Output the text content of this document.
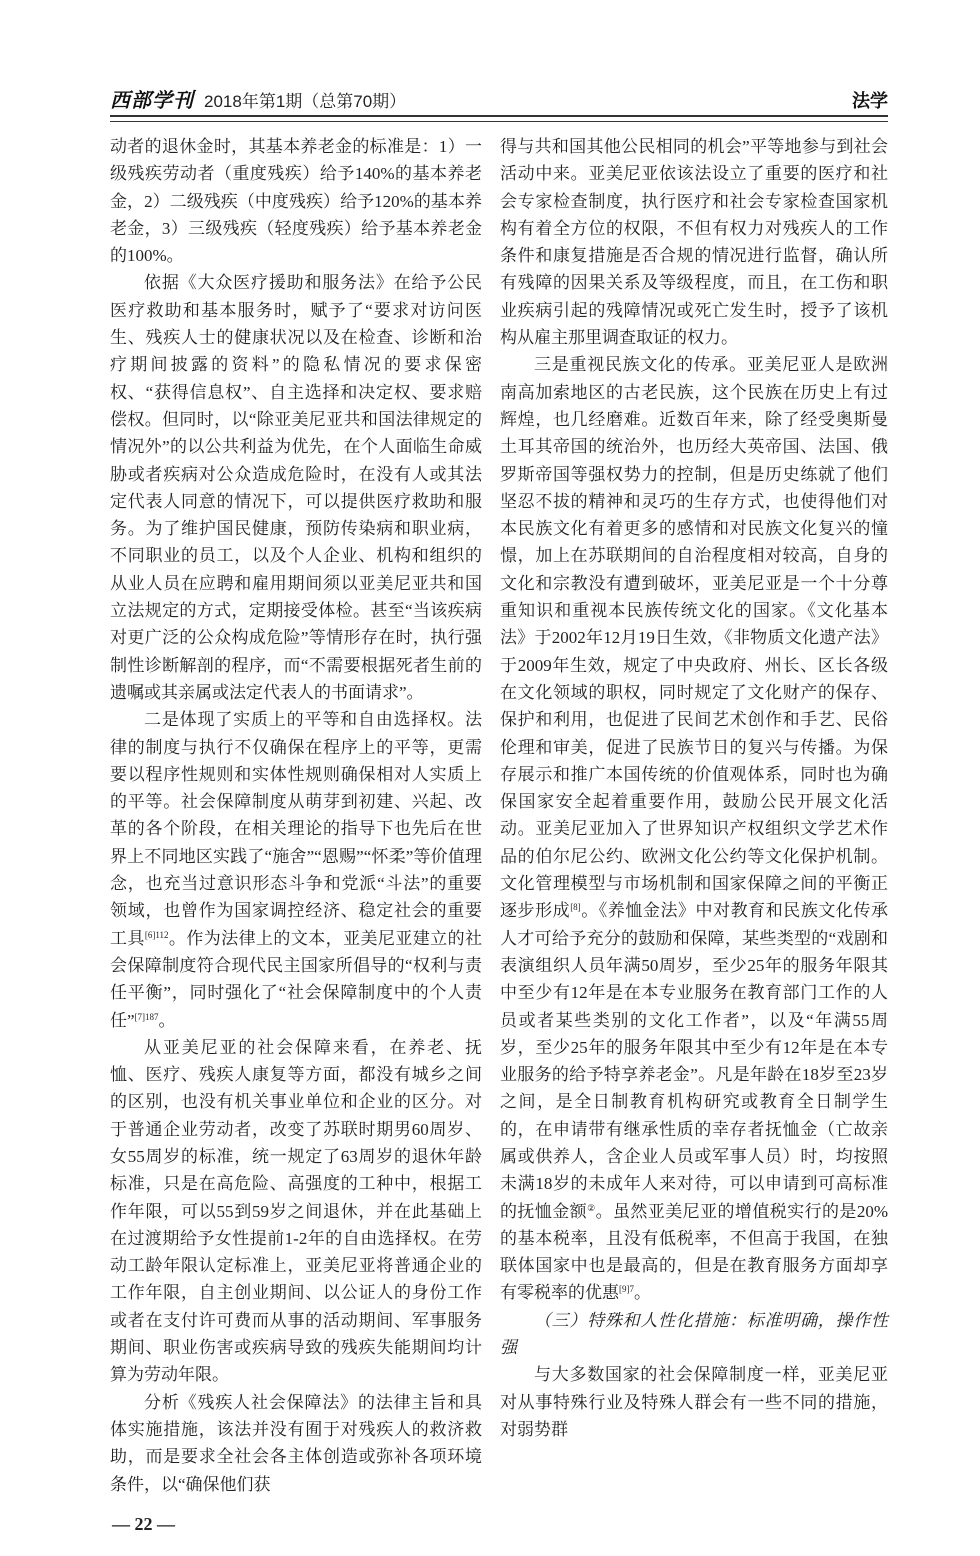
西部学刊 2018年第1期（总第70期）	法学

动者的退休金时，其基本养老金的标准是：1）一级残疾劳动者（重度残疾）给予140%的基本养老金，2）二级残疾（中度残疾）给予120%的基本养老金，3）三级残疾（轻度残疾）给予基本养老金的100%。

依据《大众医疗援助和服务法》在给予公民医疗救助和基本服务时，赋予了“要求对访问医生、残疾人士的健康状况以及在检查、诊断和治疗期间披露的资料”的隐私情况的要求保密权、“获得信息权”、自主选择和决定权、要求赔偿权。但同时，以“除亚美尼亚共和国法律规定的情况外”的以公共利益为优先，在个人面临生命威胁或者疾病对公众造成危险时，在没有人或其法定代表人同意的情况下，可以提供医疗救助和服务。为了维护国民健康，预防传染病和职业病，不同职业的员工，以及个人企业、机构和组织的从业人员在应聘和雇用期间须以亚美尼亚共和国立法规定的方式，定期接受体检。甚至“当该疾病对更广泛的公众构成危险”等情形存在时，执行强制性诊断解剖的程序，而“不需要根据死者生前的遗嘱或其亲属或法定代表人的书面请求”。

二是体现了实质上的平等和自由选择权。法律的制度与执行不仅确保在程序上的平等，更需要以程序性规则和实体性规则确保相对人实质上的平等。社会保障制度从萌芽到初建、兴起、改革的各个阶段，在相关理论的指导下也先后在世界上不同地区实践了“施舍”“恩赐”“怀柔”等价值理念，也充当过意识形态斗争和党派“斗法”的重要领域，也曾作为国家调控经济、稳定社会的重要工具$^{[6]112}$。作为法律上的文本，亚美尼亚建立的社会保障制度符合现代民主国家所倡导的“权利与责任平衡”，同时强化了“社会保障制度中的个人责任”$^{[7]187}$。

从亚美尼亚的社会保障来看，在养老、抚恤、医疗、残疾人康复等方面，都没有城乡之间的区别，也没有机关事业单位和企业的区分。对于普通企业劳动者，改变了苏联时期男60周岁、女55周岁的标准，统一规定了63周岁的退休年龄标准，只是在高危险、高强度的工种中，根据工作年限，可以55到59岁之间退休，并在此基础上在过渡期给予女性提前1-2年的自由选择权。在劳动工龄年限认定标准上，亚美尼亚将普通企业的工作年限，自主创业期间、以公证人的身份工作或者在支付许可费而从事的活动期间、军事服务期间、职业伤害或疾病导致的残疾失能期间均计算为劳动年限。

分析《残疾人社会保障法》的法律主旨和具体实施措施，该法并没有囿于对残疾人的救济救助，而是要求全社会各主体创造或弥补各项环境条件，以“确保他们获

得与共和国其他公民相同的机会”平等地参与到社会活动中来。亚美尼亚依该法设立了重要的医疗和社会专家检查制度，执行医疗和社会专家检查国家机构有着全方位的权限，不但有权力对残疾人的工作条件和康复措施是否合规的情况进行监督，确认所有残障的因果关系及等级程度，而且，在工伤和职业疾病引起的残障情况或死亡发生时，授予了该机构从雇主那里调查取证的权力。

三是重视民族文化的传承。亚美尼亚人是欧洲南高加索地区的古老民族，这个民族在历史上有过辉煌，也几经磨难。近数百年来，除了经受奥斯曼土耳其帝国的统治外，也历经大英帝国、法国、俄罗斯帝国等强权势力的控制，但是历史练就了他们坚忍不拔的精神和灵巧的生存方式，也使得他们对本民族文化有着更多的感情和对民族文化复兴的憧憬，加上在苏联期间的自治程度相对较高，自身的文化和宗教没有遭到破坏，亚美尼亚是一个十分尊重知识和重视本民族传统文化的国家。《文化基本法》于2002年12月19日生效，《非物质文化遗产法》于2009年生效，规定了中央政府、州长、区长各级在文化领域的职权，同时规定了文化财产的保存、保护和利用，也促进了民间艺术创作和手艺、民俗伦理和审美，促进了民族节日的复兴与传播。为保存展示和推广本国传统的价值观体系，同时也为确保国家安全起着重要作用，鼓励公民开展文化活动。亚美尼亚加入了世界知识产权组织文学艺术作品的伯尔尼公约、欧洲文化公约等文化保护机制。文化管理模型与市场机制和国家保障之间的平衡正逐步形成[8]。《养恤金法》中对教育和民族文化传承人才可给予充分的鼓励和保障，某些类型的“戏剧和表演组织人员年满50周岁，至少25年的服务年限其中至少有12年是在本专业服务在教育部门工作的人员或者某些类别的文化工作者”，以及“年满55周岁，至少25年的服务年限其中至少有12年是在本专业服务的给予特享养老金”。凡是年龄在18岁至23岁之间，是全日制教育机构研究或教育全日制学生的，在申请带有继承性质的幸存者抚恤金（亡故亲属或供养人，含企业人员或军事人员）时，均按照未满18岁的未成年人来对待，可以申请到可高标准的抚恤金额②。虽然亚美尼亚的增值税实行的是20%的基本税率，且没有低税率，不但高于我国，在独联体国家中也是最高的，但是在教育服务方面却享有零税率的优惠$^{[9]7}$。

（三）特殊和人性化措施：标准明确，操作性强

与大多数国家的社会保障制度一样，亚美尼亚对从事特殊行业及特殊人群会有一些不同的措施，对弱势群

— 22 —
